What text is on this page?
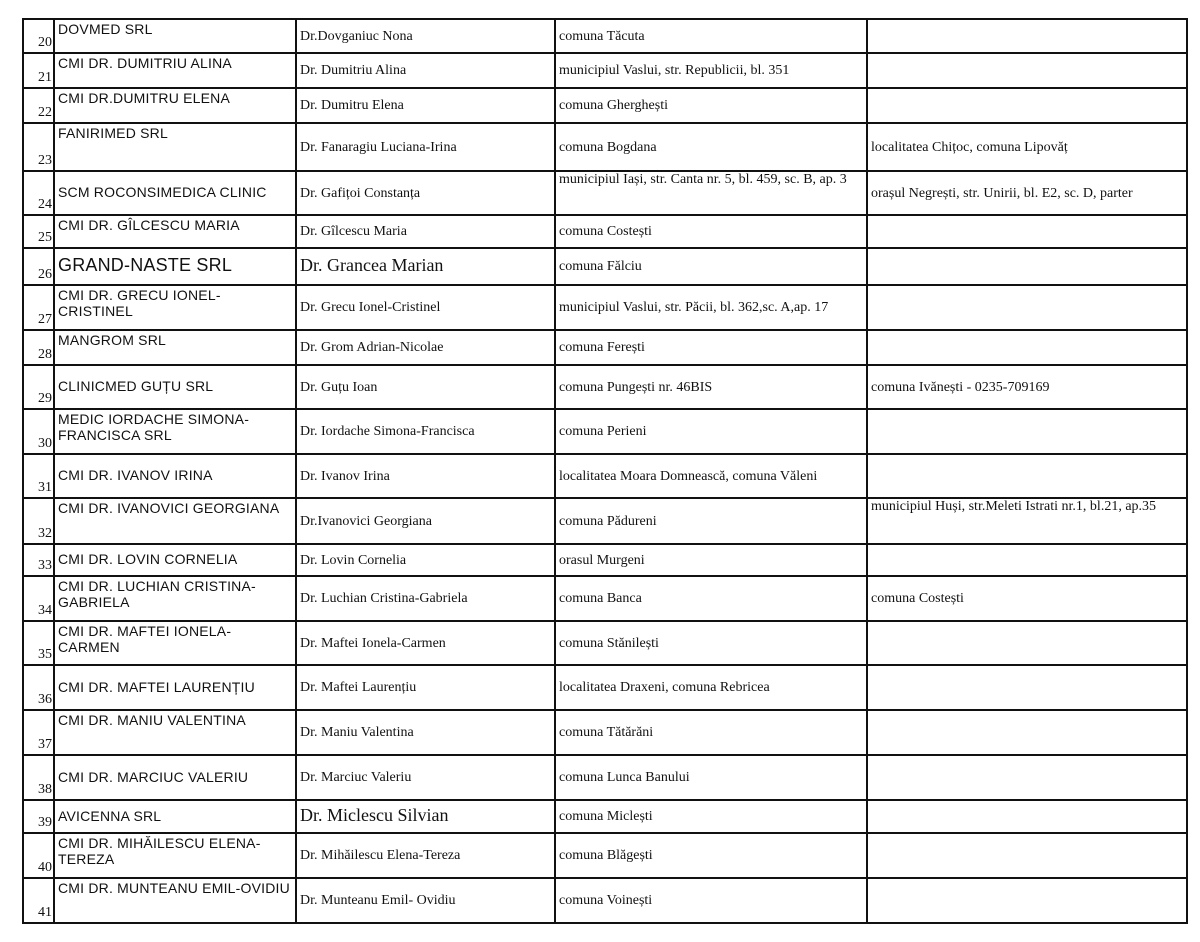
20	DOVMED SRL	Dr.Dovganiuc Nona	comuna Tăcuta	
21	CMI DR. DUMITRIU ALINA	Dr. Dumitriu Alina	municipiul Vaslui, str. Republicii, bl. 351	
22	CMI DR.DUMITRU ELENA	Dr. Dumitru Elena	comuna Gherghești	
23	FANIRIMED SRL	Dr. Fanaragiu Luciana-Irina	comuna Bogdana	localitatea Chițoc, comuna Lipovăț
24	SCM ROCONSIMEDICA CLINIC	Dr. Gafițoi Constanța	municipiul Iași, str. Canta nr. 5, bl. 459, sc. B, ap. 3	orașul Negrești, str. Unirii, bl. E2, sc. D, parter
25	CMI DR. GÎLCESCU MARIA	Dr. Gîlcescu Maria	comuna Costești	
26	GRAND-NASTE SRL	Dr. Grancea Marian	comuna Fălciu	
27	CMI DR. GRECU IONEL-CRISTINEL	Dr. Grecu Ionel-Cristinel	municipiul Vaslui, str. Păcii, bl. 362,sc. A,ap. 17	
28	MANGROM SRL	Dr. Grom Adrian-Nicolae	comuna Ferești	
29	CLINICMED GUȚU SRL	Dr. Guțu Ioan	comuna Pungești nr. 46BIS	comuna Ivănești - 0235-709169
30	MEDIC IORDACHE SIMONA-FRANCISCA SRL	Dr. Iordache Simona-Francisca	comuna Perieni	
31	CMI DR. IVANOV IRINA	Dr. Ivanov Irina	localitatea Moara Domnească, comuna Văleni	
32	CMI DR. IVANOVICI GEORGIANA	Dr.Ivanovici Georgiana	comuna Pădureni	municipiul Huși, str.Meleti Istrati nr.1, bl.21, ap.35
33	CMI DR. LOVIN CORNELIA	Dr. Lovin Cornelia	orasul Murgeni	
34	CMI DR. LUCHIAN CRISTINA-GABRIELA	Dr. Luchian Cristina-Gabriela	comuna Banca	comuna Costești
35	CMI DR. MAFTEI IONELA-CARMEN	Dr. Maftei Ionela-Carmen	comuna Stănilești	
36	CMI DR. MAFTEI LAURENȚIU	Dr. Maftei Laurențiu	localitatea Draxeni, comuna Rebricea	
37	CMI DR. MANIU VALENTINA	Dr. Maniu Valentina	comuna Tătărăni	
38	CMI DR. MARCIUC VALERIU	Dr. Marciuc Valeriu	comuna Lunca Banului	
39	AVICENNA SRL	Dr. Miclescu Silvian	comuna Miclești	
40	CMI DR. MIHĂILESCU ELENA-TEREZA	Dr. Mihăilescu Elena-Tereza	comuna Blăgești	
41	CMI DR. MUNTEANU EMIL-OVIDIU	Dr. Munteanu Emil- Ovidiu	comuna Voinești	
